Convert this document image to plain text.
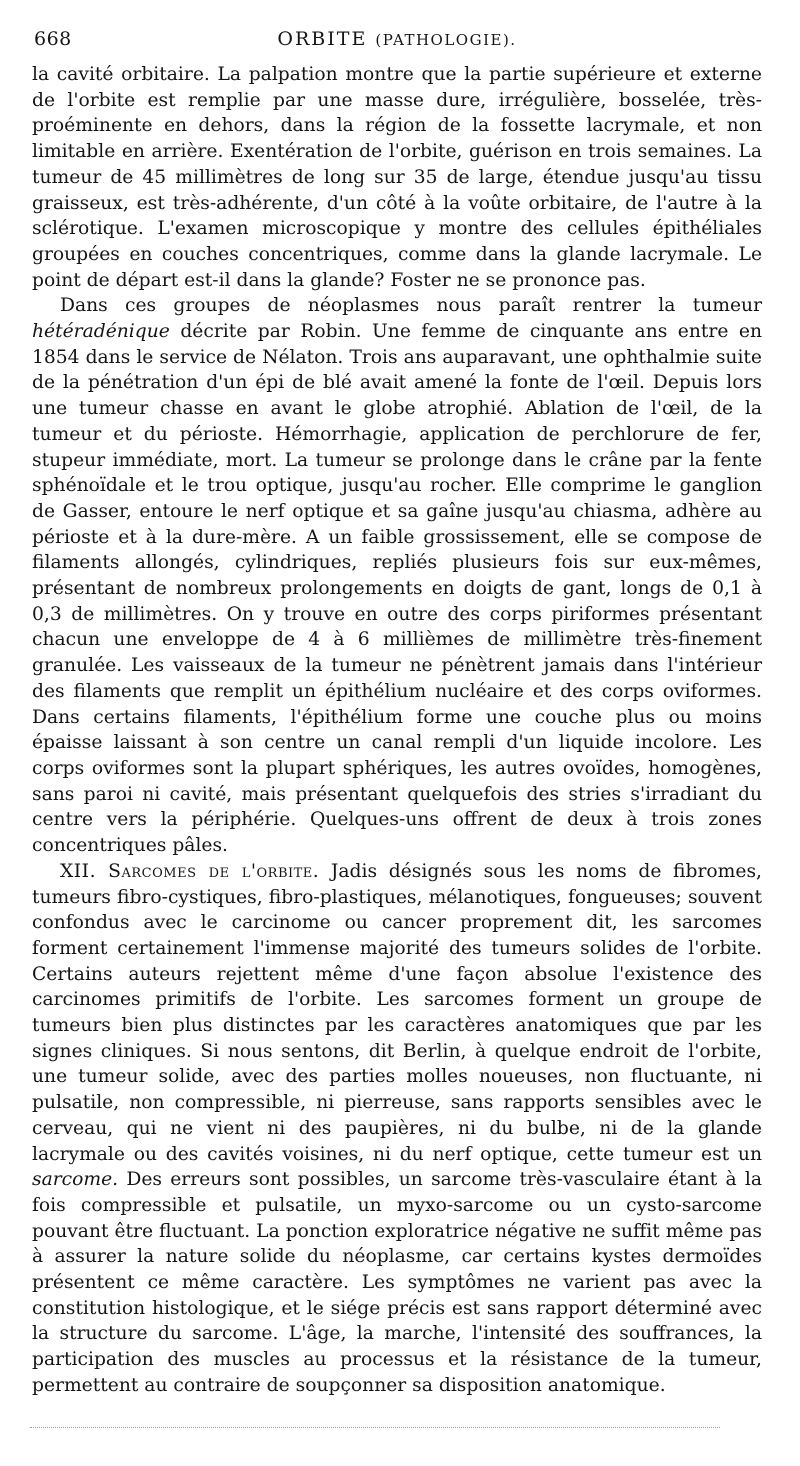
668	ORBITE (PATHOLOGIE).

la cavité orbitaire. La palpation montre que la partie supérieure et externe de l'orbite est remplie par une masse dure, irrégulière, bosselée, très-proéminente en dehors, dans la région de la fossette lacrymale, et non limitable en arrière. Exentération de l'orbite, guérison en trois semaines. La tumeur de 45 millimètres de long sur 35 de large, étendue jusqu'au tissu graisseux, est très-adhérente, d'un côté à la voûte orbitaire, de l'autre à la sclérotique. L'examen microscopique y montre des cellules épithéliales groupées en couches concentriques, comme dans la glande lacrymale. Le point de départ est-il dans la glande? Foster ne se prononce pas.

Dans ces groupes de néoplasmes nous paraît rentrer la tumeur hétéradénique décrite par Robin. Une femme de cinquante ans entre en 1854 dans le service de Nélaton. Trois ans auparavant, une ophthalmie suite de la pénétration d'un épi de blé avait amené la fonte de l'œil. Depuis lors une tumeur chasse en avant le globe atrophié. Ablation de l'œil, de la tumeur et du périoste. Hémorrhagie, application de perchlorure de fer, stupeur immédiate, mort. La tumeur se prolonge dans le crâne par la fente sphénoïdale et le trou optique, jusqu'au rocher. Elle comprime le ganglion de Gasser, entoure le nerf optique et sa gaîne jusqu'au chiasma, adhère au périoste et à la dure-mère. A un faible grossissement, elle se compose de filaments allongés, cylindriques, repliés plusieurs fois sur eux-mêmes, présentant de nombreux prolongements en doigts de gant, longs de 0,1 à 0,3 de millimètres. On y trouve en outre des corps piriformes présentant chacun une enveloppe de 4 à 6 millièmes de millimètre très-finement granulée. Les vaisseaux de la tumeur ne pénètrent jamais dans l'intérieur des filaments que remplit un épithélium nucléaire et des corps oviformes. Dans certains filaments, l'épithélium forme une couche plus ou moins épaisse laissant à son centre un canal rempli d'un liquide incolore. Les corps oviformes sont la plupart sphériques, les autres ovoïdes, homogènes, sans paroi ni cavité, mais présentant quelquefois des stries s'irradiant du centre vers la périphérie. Quelques-uns offrent de deux à trois zones concentriques pâles.

XII. Sarcomes de l'orbite. Jadis désignés sous les noms de fibromes, tumeurs fibro-cystiques, fibro-plastiques, mélanotiques, fongueuses; souvent confondus avec le carcinome ou cancer proprement dit, les sarcomes forment certainement l'immense majorité des tumeurs solides de l'orbite. Certains auteurs rejettent même d'une façon absolue l'existence des carcinomes primitifs de l'orbite. Les sarcomes forment un groupe de tumeurs bien plus distinctes par les caractères anatomiques que par les signes cliniques. Si nous sentons, dit Berlin, à quelque endroit de l'orbite, une tumeur solide, avec des parties molles noueuses, non fluctuante, ni pulsatile, non compressible, ni pierreuse, sans rapports sensibles avec le cerveau, qui ne vient ni des paupières, ni du bulbe, ni de la glande lacrymale ou des cavités voisines, ni du nerf optique, cette tumeur est un sarcome. Des erreurs sont possibles, un sarcome très-vasculaire étant à la fois compressible et pulsatile, un myxo-sarcome ou un cysto-sarcome pouvant être fluctuant. La ponction exploratrice négative ne suffit même pas à assurer la nature solide du néoplasme, car certains kystes dermoïdes présentent ce même caractère. Les symptômes ne varient pas avec la constitution histologique, et le siége précis est sans rapport déterminé avec la structure du sarcome. L'âge, la marche, l'intensité des souffrances, la participation des muscles au processus et la résistance de la tumeur, permettent au contraire de soupçonner sa disposition anatomique.
